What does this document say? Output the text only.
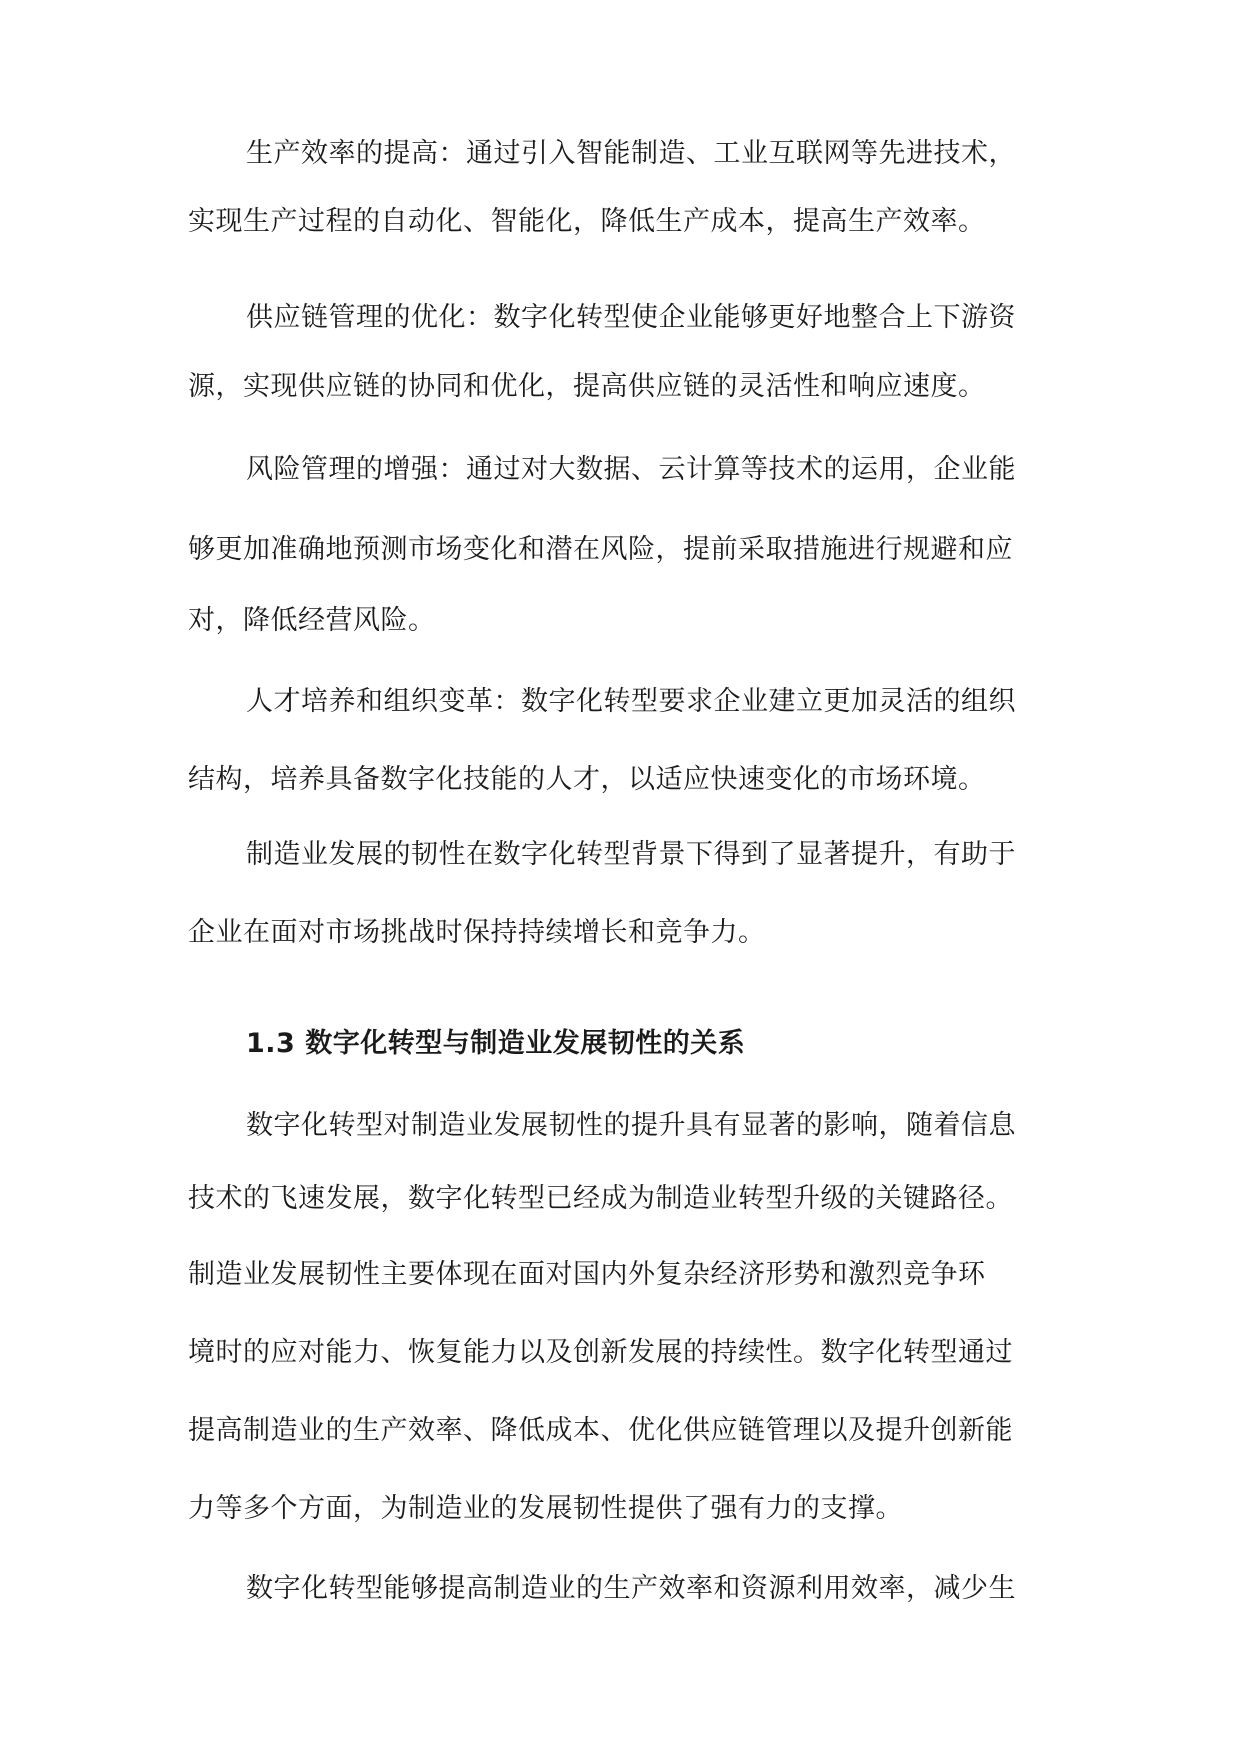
生产效率的提高：通过引入智能制造、工业互联网等先进技术，
实现生产过程的自动化、智能化，降低生产成本，提高生产效率。
供应链管理的优化：数字化转型使企业能够更好地整合上下游资
源，实现供应链的协同和优化，提高供应链的灵活性和响应速度。
风险管理的增强：通过对大数据、云计算等技术的运用，企业能
够更加准确地预测市场变化和潜在风险，提前采取措施进行规避和应
对，降低经营风险。
人才培养和组织变革：数字化转型要求企业建立更加灵活的组织
结构，培养具备数字化技能的人才，以适应快速变化的市场环境。
制造业发展的韧性在数字化转型背景下得到了显著提升，有助于
企业在面对市场挑战时保持持续增长和竞争力。
1.3 数字化转型与制造业发展韧性的关系
数字化转型对制造业发展韧性的提升具有显著的影响，随着信息
技术的飞速发展，数字化转型已经成为制造业转型升级的关键路径。
制造业发展韧性主要体现在面对国内外复杂经济形势和激烈竞争环
境时的应对能力、恢复能力以及创新发展的持续性。数字化转型通过
提高制造业的生产效率、降低成本、优化供应链管理以及提升创新能
力等多个方面，为制造业的发展韧性提供了强有力的支撑。
数字化转型能够提高制造业的生产效率和资源利用效率，减少生
